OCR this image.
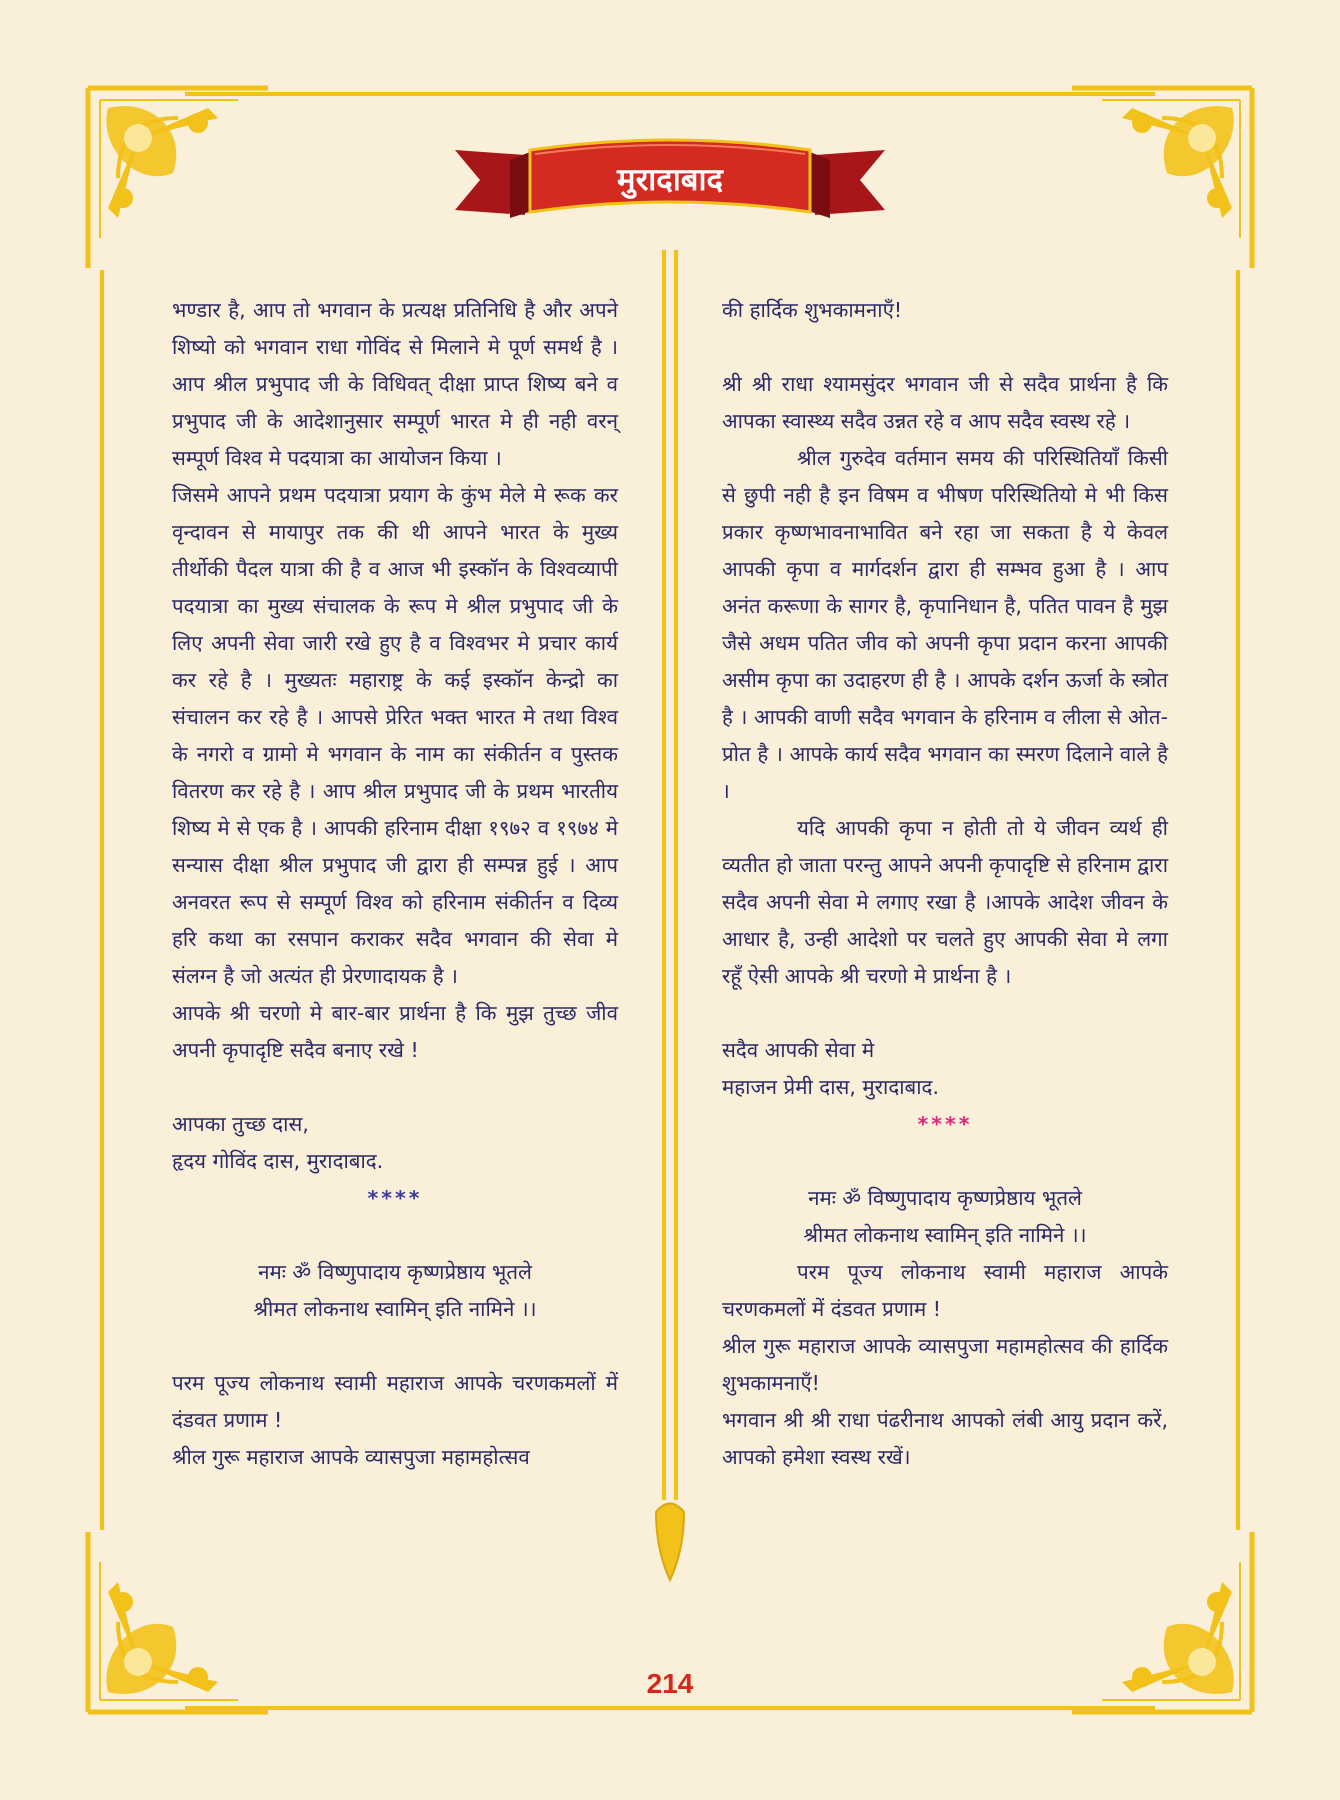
मुरादाबाद

भण्डार है, आप तो भगवान के प्रत्यक्ष प्रतिनिधि है और अपने शिष्यो को भगवान राधा गोविंद से मिलाने मे पूर्ण समर्थ है ।आप श्रील प्रभुपाद जी के विधिवत् दीक्षा प्राप्त शिष्य बने व प्रभुपाद जी के आदेशानुसार सम्पूर्ण भारत मे ही नही वरन् सम्पूर्ण विश्व मे पदयात्रा का आयोजन किया ।

जिसमे आपने प्रथम पदयात्रा प्रयाग के कुंभ मेले मे रूक कर वृन्दावन से मायापुर तक की थी आपने भारत के मुख्य तीर्थोकी पैदल यात्रा की है व आज भी इस्कॉन के विश्वव्यापी पदयात्रा का मुख्य संचालक के रूप मे श्रील प्रभुपाद जी के लिए अपनी सेवा जारी रखे हुए है व विश्वभर मे प्रचार कार्य कर रहे है । मुख्यतः महाराष्ट्र के कई इस्कॉन केन्द्रो का संचालन कर रहे है । आपसे प्रेरित भक्त भारत मे तथा विश्व के नगरो व ग्रामो मे भगवान के नाम का संकीर्तन व पुस्तक वितरण कर रहे है । आप श्रील प्रभुपाद जी के प्रथम भारतीय शिष्य मे से एक है । आपकी हरिनाम दीक्षा १९७२ व १९७४ मे सन्यास दीक्षा श्रील प्रभुपाद जी द्वारा ही सम्पन्न हुई । आप अनवरत रूप से सम्पूर्ण विश्व को हरिनाम संकीर्तन व दिव्य हरि कथा का रसपान कराकर सदैव भगवान की सेवा मे संलग्न है जो अत्यंत ही प्रेरणादायक है ।

आपके श्री चरणो मे बार-बार प्रार्थना है कि मुझ तुच्छ जीव अपनी कृपादृष्टि सदैव बनाए रखे !

आपका तुच्छ दास,

हृदय गोविंद दास, मुरादाबाद.

****

नमः ॐ विष्णुपादाय कृष्णप्रेष्ठाय भूतले

श्रीमत लोकनाथ स्वामिन् इति नामिने ।।

परम पूज्य लोकनाथ स्वामी महाराज आपके चरणकमलों में दंडवत प्रणाम !

श्रील गुरू महाराज आपके व्यासपुजा महामहोत्सव

की हार्दिक शुभकामनाएँ!

श्री श्री राधा श्यामसुंदर भगवान जी से सदैव प्रार्थना है कि आपका स्वास्थ्य सदैव उन्नत रहे व आप सदैव स्वस्थ रहे ।

श्रील गुरुदेव वर्तमान समय की परिस्थितियाँ किसी से छुपी नही है इन विषम व भीषण परिस्थितियो मे भी किस प्रकार कृष्णभावनाभावित बने रहा जा सकता है ये केवल आपकी कृपा व मार्गदर्शन द्वारा ही सम्भव हुआ है । आप अनंत करूणा के सागर है, कृपानिधान है, पतित पावन है मुझ जैसे अधम पतित जीव को अपनी कृपा प्रदान करना आपकी असीम कृपा का उदाहरण ही है । आपके दर्शन ऊर्जा के स्त्रोत है । आपकी वाणी सदैव भगवान के हरिनाम व लीला से ओत-प्रोत है । आपके कार्य सदैव भगवान का स्मरण दिलाने वाले है ।

यदि आपकी कृपा न होती तो ये जीवन व्यर्थ ही व्यतीत हो जाता परन्तु आपने अपनी कृपादृष्टि से हरिनाम द्वारा सदैव अपनी सेवा मे लगाए रखा है ।आपके आदेश जीवन के आधार है, उन्ही आदेशो पर चलते हुए आपकी सेवा मे लगा रहूँ ऐसी आपके श्री चरणो मे प्रार्थना है ।

सदैव आपकी सेवा मे

महाजन प्रेमी दास, मुरादाबाद.

****

नमः ॐ विष्णुपादाय कृष्णप्रेष्ठाय भूतले

श्रीमत लोकनाथ स्वामिन् इति नामिने ।।

परम पूज्य लोकनाथ स्वामी महाराज आपके चरणकमलों में दंडवत प्रणाम !

श्रील गुरू महाराज आपके व्यासपुजा महामहोत्सव की हार्दिक शुभकामनाएँ!

भगवान श्री श्री राधा पंढरीनाथ आपको लंबी आयु प्रदान करें, आपको हमेशा स्वस्थ रखें।

214
